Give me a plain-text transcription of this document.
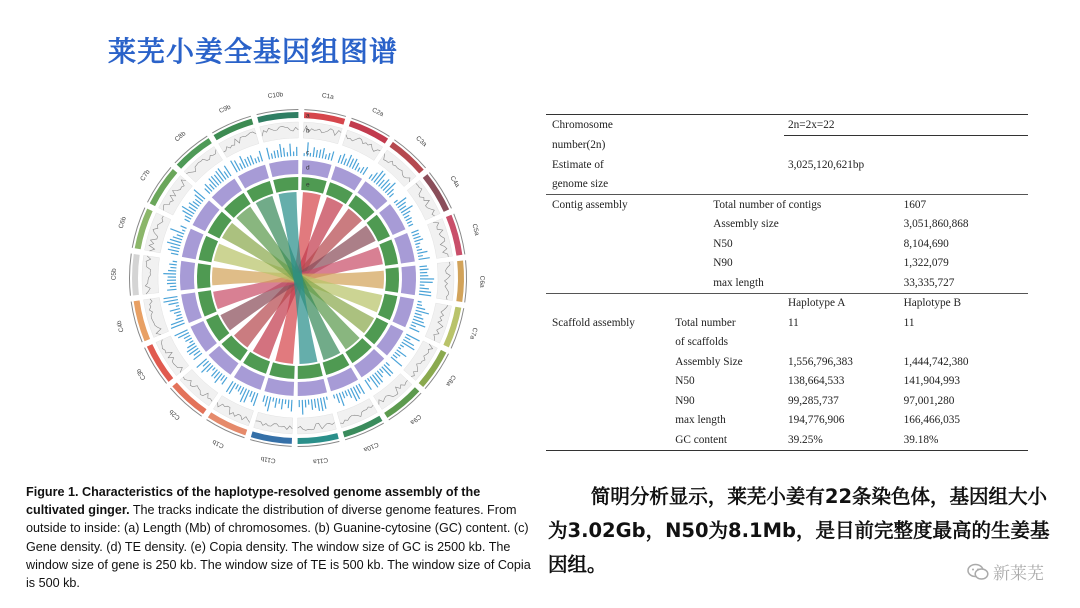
莱芜小姜全基因组图谱
C1a
C2a
C3a
C4a
C5a
C6a
C7a
C8a
C9a
C10a
C11a
C11b
C1b
C2b
C3b
C4b
C5b
C6b
C7b
C8b
C9b
C10b
a
b
c
d
e
Figure 1. Characteristics of the haplotype-resolved genome assembly of the cultivated ginger. The tracks indicate the distribution of diverse genome features. From outside to inside: (a) Length (Mb) of chromosomes. (b) Guanine-cytosine (GC) content. (c) Gene density. (d) TE density. (e) Copia density. The window size of GC is 2500 kb. The window size of gene is 250 kb. The window size of TE is 500 kb. The window size of Copia is 500 kb.
Chromosome		2n=2x=22	
number(2n)			
Estimate of		3,025,120,621bp	
genome size			
Contig assembly	Total number of contigs		1607
	Assembly size		3,051,860,868
	N50		8,104,690
	N90		1,322,079
	max length		33,335,727
		Haplotype A	Haplotype B
Scaffold assembly	Total number	11	11
	of scaffolds		
	Assembly Size	1,556,796,383	1,444,742,380
	N50	138,664,533	141,904,993
	N90	99,285,737	97,001,280
	max length	194,776,906	166,466,035
	GC content	39.25%	39.18%

简明分析显示，莱芜小姜有22条染色体，基因组大小为3.02Gb，N50为8.1Mb，是目前完整度最高的生姜基因组。	新莱芜
